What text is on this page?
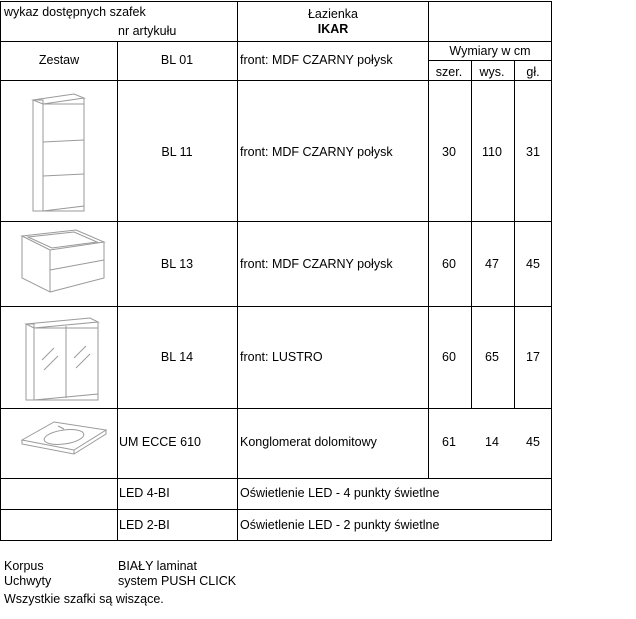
wykaz dostępnych szafek
nr artykułu
Łazienka
IKAR
Zestaw	BL 01	front: MDF CZARNY połysk
Wymiary w cm
szer. wys. gł.
BL 11	front: MDF CZARNY połysk	30 110 31
BL 13	front: MDF CZARNY połysk	60 47 45
BL 14	front: LUSTRO	60 65 17
UM ECCE 610	Konglomerat dolomitowy	61 14 45
LED 4-BI	Oświetlenie LED - 4 punkty świetlne
LED 2-BI	Oświetlenie LED - 2 punkty świetlne
Korpus	BIAŁY laminat
Uchwyty	system PUSH CLICK
Wszystkie szafki są wiszące.
